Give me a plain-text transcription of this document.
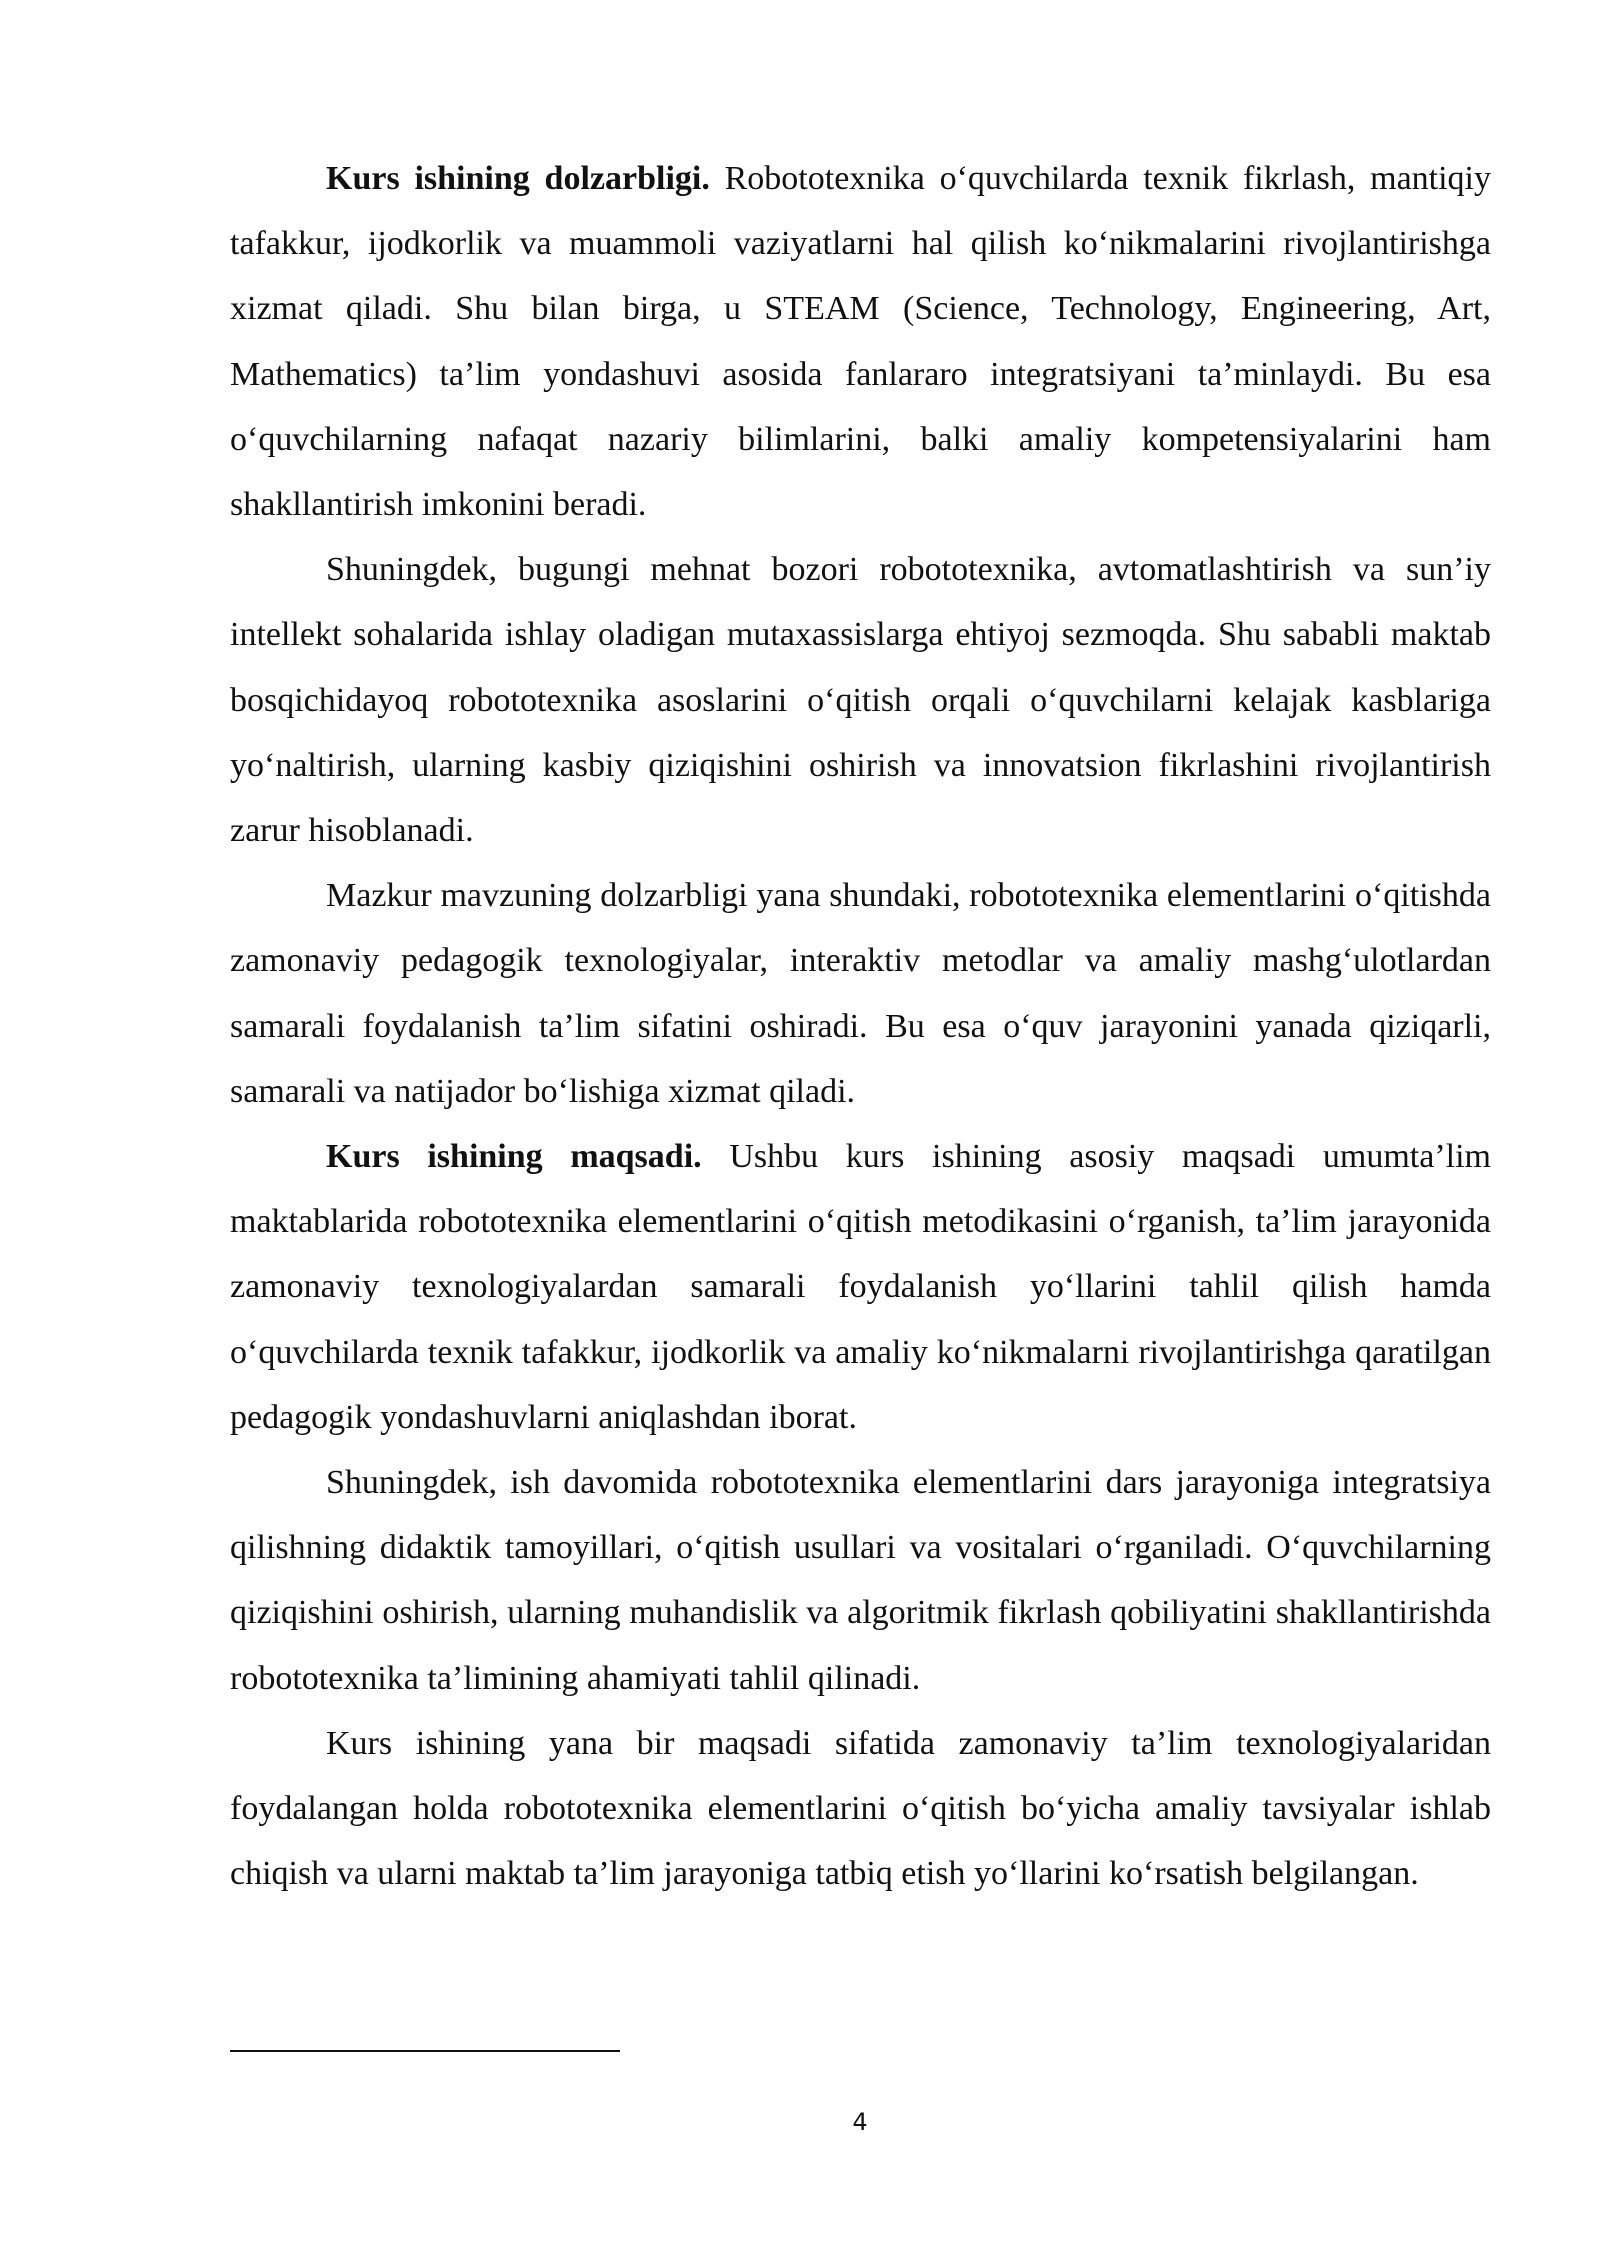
Kurs ishining dolzarbligi. Robototexnika o‘quvchilarda texnik fikrlash, mantiqiy tafakkur, ijodkorlik va muammoli vaziyatlarni hal qilish ko‘nikmalarini rivojlantirishga xizmat qiladi. Shu bilan birga, u STEAM (Science, Technology, Engineering, Art, Mathematics) ta’lim yondashuvi asosida fanlararo integratsiyani ta’minlaydi. Bu esa o‘quvchilarning nafaqat nazariy bilimlarini, balki amaliy kompetensiyalarini ham shakllantirish imkonini beradi.

Shuningdek, bugungi mehnat bozori robototexnika, avtomatlashtirish va sun’iy intellekt sohalarida ishlay oladigan mutaxassislarga ehtiyoj sezmoqda. Shu sababli maktab bosqichidayoq robototexnika asoslarini o‘qitish orqali o‘quvchilarni kelajak kasblariga yo‘naltirish, ularning kasbiy qiziqishini oshirish va innovatsion fikrlashini rivojlantirish zarur hisoblanadi.

Mazkur mavzuning dolzarbligi yana shundaki, robototexnika elementlarini o‘qitishda zamonaviy pedagogik texnologiyalar, interaktiv metodlar va amaliy mashg‘ulotlardan samarali foydalanish ta’lim sifatini oshiradi. Bu esa o‘quv jarayonini yanada qiziqarli, samarali va natijador bo‘lishiga xizmat qiladi.

Kurs ishining maqsadi. Ushbu kurs ishining asosiy maqsadi umumta’lim maktablarida robototexnika elementlarini o‘qitish metodikasini o‘rganish, ta’lim jarayonida zamonaviy texnologiyalardan samarali foydalanish yo‘llarini tahlil qilish hamda o‘quvchilarda texnik tafakkur, ijodkorlik va amaliy ko‘nikmalarni rivojlantirishga qaratilgan pedagogik yondashuvlarni aniqlashdan iborat.

Shuningdek, ish davomida robototexnika elementlarini dars jarayoniga integratsiya qilishning didaktik tamoyillari, o‘qitish usullari va vositalari o‘rganiladi. O‘quvchilarning qiziqishini oshirish, ularning muhandislik va algoritmik fikrlash qobiliyatini shakllantirishda robototexnika ta’limining ahamiyati tahlil qilinadi.

Kurs ishining yana bir maqsadi sifatida zamonaviy ta’lim texnologiyalaridan foydalangan holda robototexnika elementlarini o‘qitish bo‘yicha amaliy tavsiyalar ishlab chiqish va ularni maktab ta’lim jarayoniga tatbiq etish yo‘llarini ko‘rsatish belgilangan.

4
